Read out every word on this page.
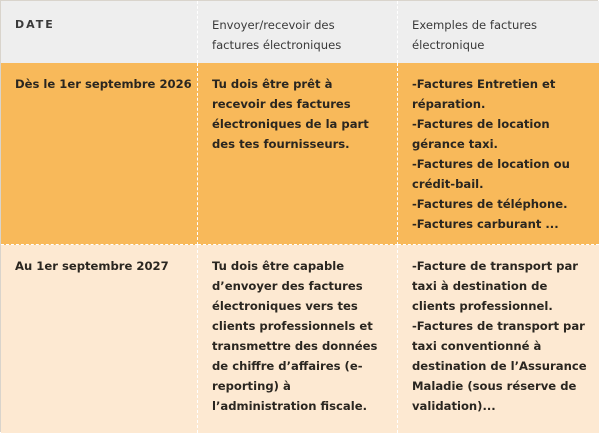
DATE	Envoyer/recevoir des
factures électroniques
Exemples de factures
électronique
Dès le 1er septembre 2026 Tu dois être prêt à
recevoir des factures
électroniques de la part
des tes fournisseurs.
-Factures Entretien et
réparation.
-Factures de location
gérance taxi.
-Factures de location ou
crédit-bail.
-Factures de téléphone.
-Factures carburant ...
Au 1er septembre 2027	Tu dois être capable
d’envoyer des factures
électroniques vers tes
clients professionnels et
transmettre des données
de chiffre d’affaires (e-
reporting) à
l’administration fiscale.
-Facture de transport par
taxi à destination de
clients professionnel.
-Factures de transport par
taxi conventionné à
destination de l’Assurance
Maladie (sous réserve de
validation)...
